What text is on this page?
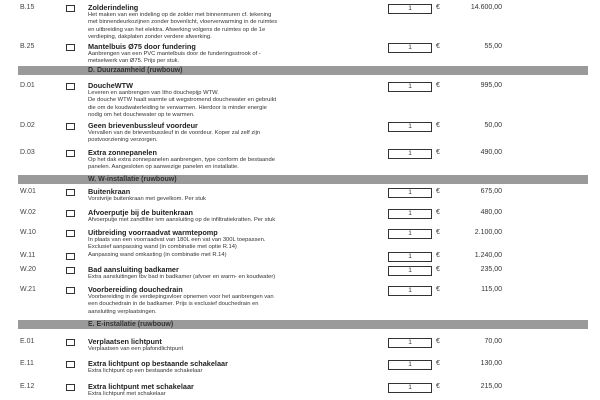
B.15	Zolderindeling
Het maken van een indeling op de zolder met binnenmuren cf. tekening
met binnendeurkozijnen zonder bovenlicht, vloerverwarming in de ruimtes
en uitbreiding van het elektra. Afwerking volgens de ruimtes op de 1e
verdieping, dakplaten zonder verdere afwerking.
1
€	14.600,00
B.25	Mantelbuis Ø75 door fundering
Aanbrengen van een PVC mantelbuis door de funderingsstrook of -
metselwerk van Ø75. Prijs per stuk.
1
€	55,00
D. Duurzaamheid (ruwbouw)
D.01	DoucheWTW
Leveren en aanbrengen van Itho douchepijp WTW.
De douche WTW haalt warmte uit wegstromend douchewater en gebruikt
die om de koudwaterleiding te verwarmen. Hierdoor is minder energie
nodig om het douchewater op te warmen.
1
€	995,00
D.02	Geen brievenbussleuf voordeur
Vervallen van de brievenbussleuf in de voordeur. Koper zal zelf zijn
postvoorziening verzorgen.
1
€	50,00
D.03	Extra zonnepanelen
Op het dak extra zonnepanelen aanbrengen, type conform de bestaande
panelen. Aangesloten op aanwezige panelen en installatie.
1
€	490,00
W. W-installatie (ruwbouw)
W.01	Buitenkraan
Vorstvrije buitenkraan met gevelkom. Per stuk
1
€	675,00
W.02	Afvoerputje bij de buitenkraan
Afvoerputje met zandfilter ivm aansluiting op de infiltratiekratten. Per stuk
1
€	480,00
W.10	Uitbreiding voorraadvat warmtepomp
In plaats van een voorraadvat van 180L een vat van 300L toepassen.
Exclusief aanpassing wand (in combinatie met optie R.14)
1
€	2.100,00
W.11	Aanpassing wand omkasting (in combinatie met R.14)
1	€	1.240,00
W.20	Bad aansluiting badkamer
Extra aansluitingen tbv bad in badkamer (afvoer en warm- en koudwater)
1
€	235,00
W.21	Voorbereiding douchedrain
Voorbereiding in de verdiepingsvloer opnemen voor het aanbrengen van
een douchedrain in de badkamer. Prijs is exclusief douchedrain en
aansluiting verplaatsingen.
1
€	115,00
E. E-installatie (ruwbouw)
E.01	Verplaatsen lichtpunt
Verplaatsen van een plafondlichtpunt
1
€	70,00
E.11	Extra lichtpunt op bestaande schakelaar
Extra lichtpunt op een bestaande schakelaar
1
€	130,00
E.12	Extra lichtpunt met schakelaar
Extra lichtpunt met schakelaar
1
€	215,00
